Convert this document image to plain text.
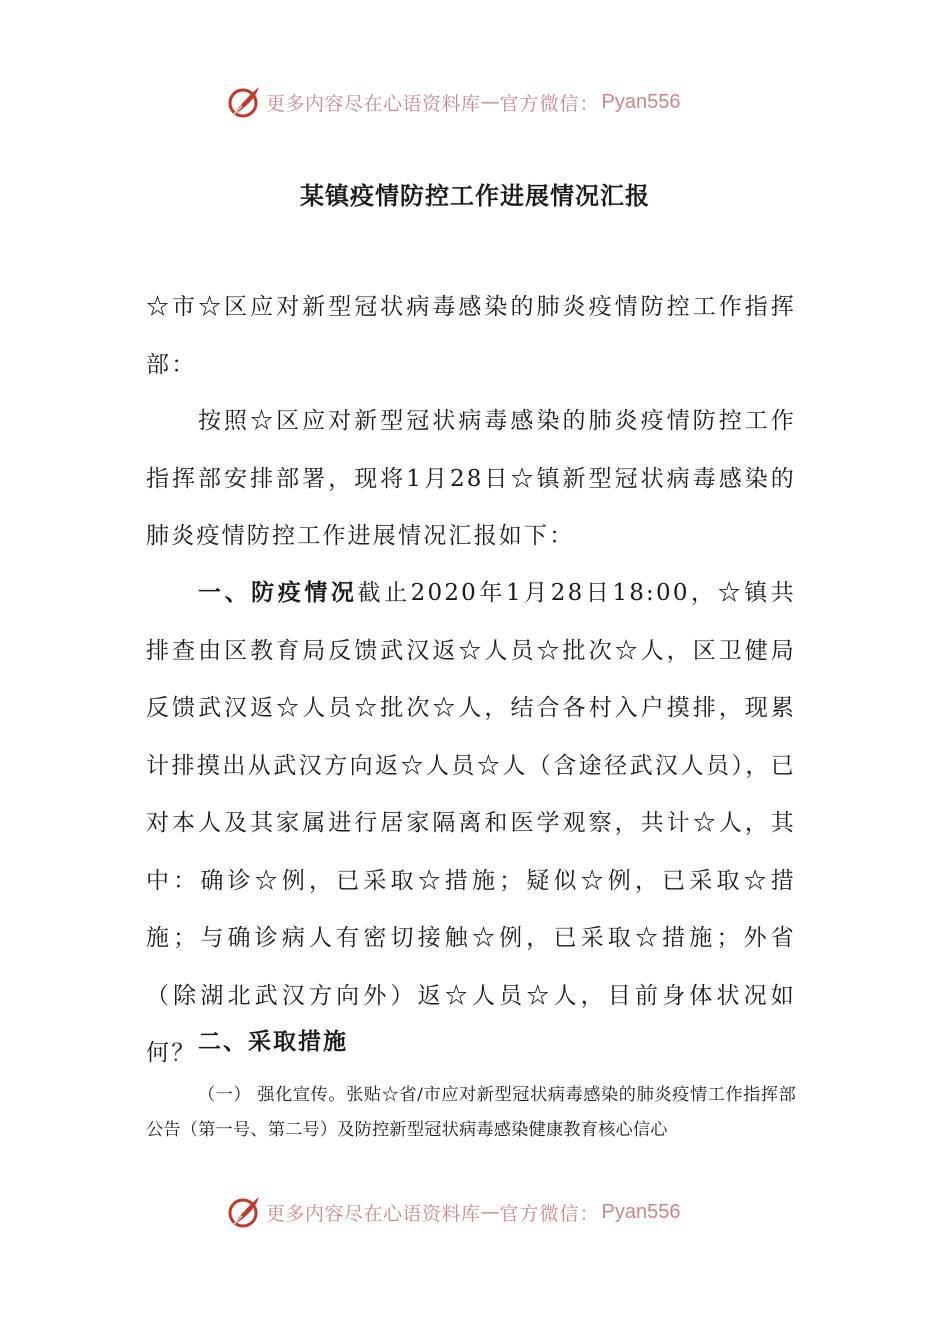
更多内容尽在心语资料库 — 官方微信： Pyan556
某镇疫情防控工作进展情况汇报
☆市☆区应对新型冠状病毒感染的肺炎疫情防控工作指挥部：
按照☆区应对新型冠状病毒感染的肺炎疫情防控工作指挥部安排部署，现将1月28日☆镇新型冠状病毒感染的肺炎疫情防控工作进展情况汇报如下：
一、防疫情况截止2020年1月28日18:00，☆镇共排查由区教育局反馈武汉返☆人员☆批次☆人，区卫健局反馈武汉返☆人员☆批次☆人，结合各村入户摸排，现累计排摸出从武汉方向返☆人员☆人（含途径武汉人员），已对本人及其家属进行居家隔离和医学观察，共计☆人，其中：确诊☆例，已采取☆措施；疑似☆例，已采取☆措施；与确诊病人有密切接触☆例，已采取☆措施；外省（除湖北武汉方向外）返☆人员☆人，目前身体状况如何？ 二、采取措施
（一） 强化宣传。张贴☆省/市应对新型冠状病毒感染的肺炎疫情工作指挥部公告（第一号、第二号）及防控新型冠状病毒感染健康教育核心信心
更多内容尽在心语资料库 — 官方微信： Pyan556
